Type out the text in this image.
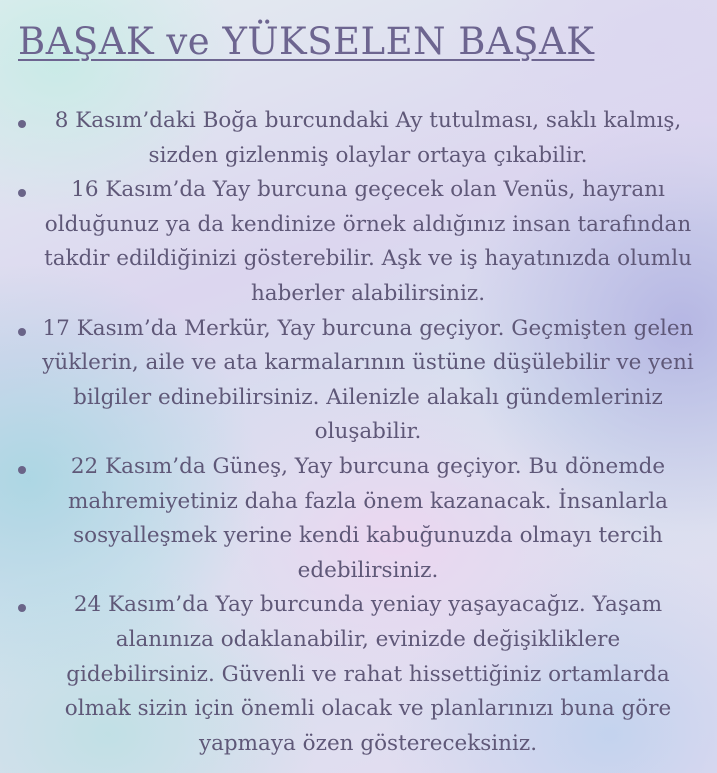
BAŞAK ve YÜKSELEN BAŞAK
8 Kasım’daki Boğa burcundaki Ay tutulması, saklı kalmış, sizden gizlenmiş olaylar ortaya çıkabilir.
16 Kasım’da Yay burcuna geçecek olan Venüs, hayranı olduğunuz ya da kendinize örnek aldığınız insan tarafından takdir edildiğinizi gösterebilir. Aşk ve iş hayatınızda olumlu haberler alabilirsiniz.
17 Kasım’da Merkür, Yay burcuna geçiyor. Geçmişten gelen yüklerin, aile ve ata karmalarının üstüne düşülebilir ve yeni bilgiler edinebilirsiniz. Ailenizle alakalı gündemleriniz oluşabilir.
22 Kasım’da Güneş, Yay burcuna geçiyor. Bu dönemde mahremiyetiniz daha fazla önem kazanacak. İnsanlarla sosyalleşmek yerine kendi kabuğunuzda olmayı tercih edebilirsiniz.
24 Kasım’da Yay burcunda yeniay yaşayacağız. Yaşam alanınıza odaklanabilir, evinizde değişikliklere gidebilirsiniz. Güvenli ve rahat hissettiğiniz ortamlarda olmak sizin için önemli olacak ve planlarınızı buna göre yapmaya özen göstereceksiniz.
